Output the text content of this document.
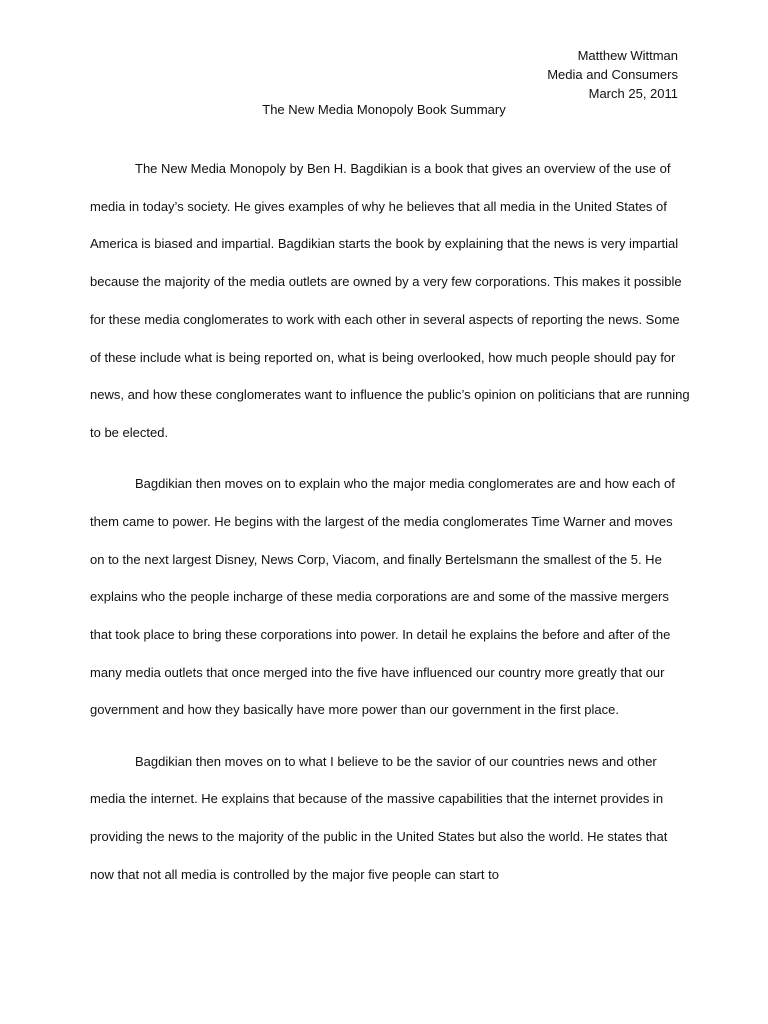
Matthew Wittman
Media and Consumers
March 25, 2011
The New Media Monopoly Book Summary

The New Media Monopoly by Ben H. Bagdikian is a book that gives an overview of the use of media in today’s society. He gives examples of why he believes that all media in the United States of America is biased and impartial. Bagdikian starts the book by explaining that the news is very impartial because the majority of the media outlets are owned by a very few corporations. This makes it possible for these media conglomerates to work with each other in several aspects of reporting the news. Some of these include what is being reported on, what is being overlooked, how much people should pay for news, and how these conglomerates want to influence the public’s opinion on politicians that are running to be elected.

Bagdikian then moves on to explain who the major media conglomerates are and how each of them came to power. He begins with the largest of the media conglomerates Time Warner and moves on to the next largest Disney, News Corp, Viacom, and finally Bertelsmann the smallest of the 5. He explains who the people incharge of these media corporations are and some of the massive mergers that took place to bring these corporations into power. In detail he explains the before and after of the many media outlets that once merged into the five have influenced our country more greatly that our government and how they basically have more power than our government in the first place.

Bagdikian then moves on to what I believe to be the savior of our countries news and other media the internet. He explains that because of the massive capabilities that the internet provides in providing the news to the majority of the public in the United States but also the world. He states that now that not all media is controlled by the major five people can start to
